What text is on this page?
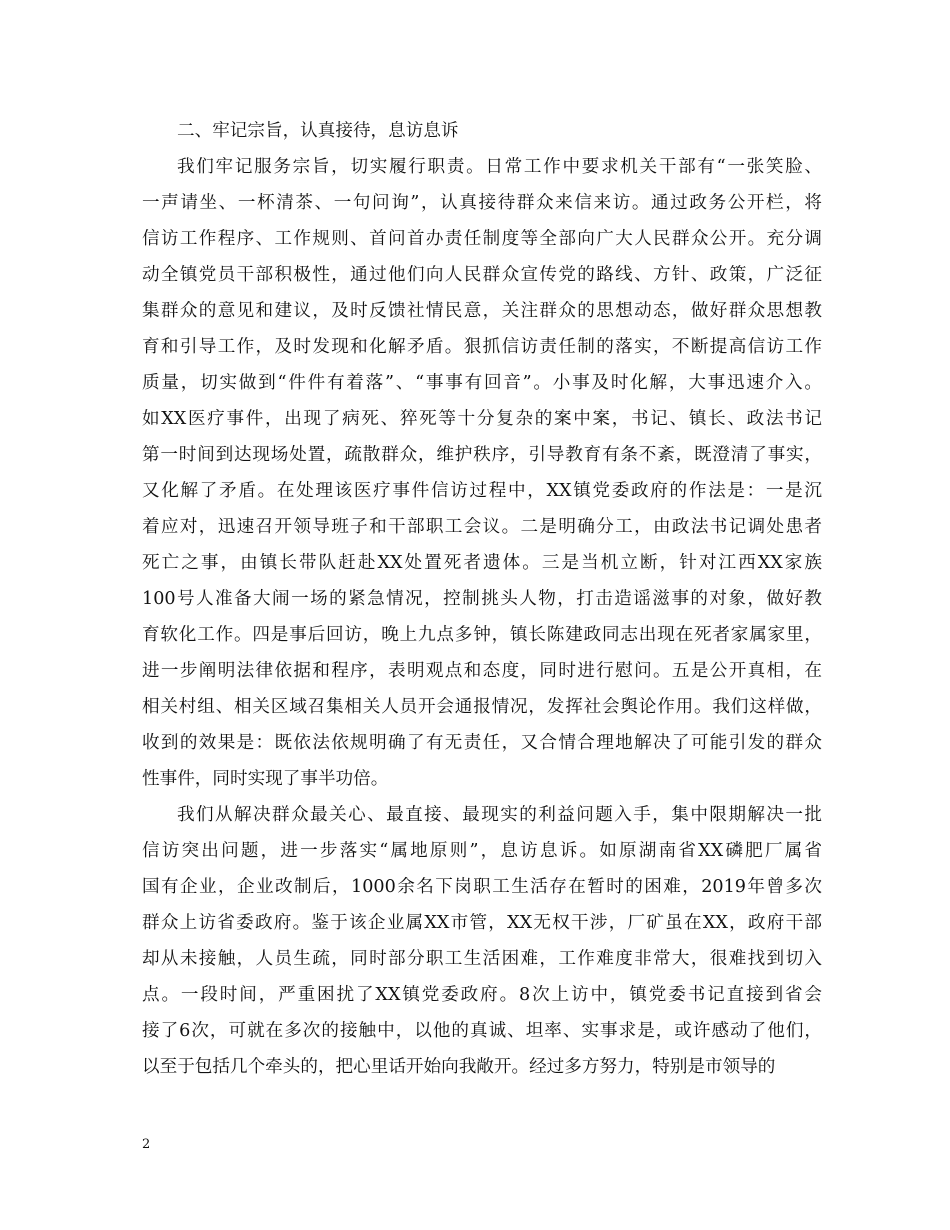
二、牢记宗旨，认真接待，息访息诉
我们牢记服务宗旨，切实履行职责。日常工作中要求机关干部有“一张笑脸、
一声请坐、一杯清茶、一句问询”，认真接待群众来信来访。通过政务公开栏，将
信访工作程序、工作规则、首问首办责任制度等全部向广大人民群众公开。充分调
动全镇党员干部积极性，通过他们向人民群众宣传党的路线、方针、政策，广泛征
集群众的意见和建议，及时反馈社情民意，关注群众的思想动态，做好群众思想教
育和引导工作，及时发现和化解矛盾。狠抓信访责任制的落实，不断提高信访工作
质量，切实做到“件件有着落”、“事事有回音”。小事及时化解，大事迅速介入。
如XX医疗事件，出现了病死、猝死等十分复杂的案中案，书记、镇长、政法书记
第一时间到达现场处置，疏散群众，维护秩序，引导教育有条不紊，既澄清了事实，
又化解了矛盾。在处理该医疗事件信访过程中，XX镇党委政府的作法是：一是沉
着应对，迅速召开领导班子和干部职工会议。二是明确分工，由政法书记调处患者
死亡之事，由镇长带队赶赴XX处置死者遗体。三是当机立断，针对江西XX家族
100号人准备大闹一场的紧急情况，控制挑头人物，打击造谣滋事的对象，做好教
育软化工作。四是事后回访，晚上九点多钟，镇长陈建政同志出现在死者家属家里，
进一步阐明法律依据和程序，表明观点和态度，同时进行慰问。五是公开真相，在
相关村组、相关区域召集相关人员开会通报情况，发挥社会舆论作用。我们这样做，
收到的效果是：既依法依规明确了有无责任，又合情合理地解决了可能引发的群众
性事件，同时实现了事半功倍。
我们从解决群众最关心、最直接、最现实的利益问题入手，集中限期解决一批
信访突出问题，进一步落实“属地原则”，息访息诉。如原湖南省XX磷肥厂属省
国有企业，企业改制后，1000余名下岗职工生活存在暂时的困难，2019年曾多次
群众上访省委政府。鉴于该企业属XX市管，XX无权干涉，厂矿虽在XX，政府干部
却从未接触，人员生疏，同时部分职工生活困难，工作难度非常大，很难找到切入
点。一段时间，严重困扰了XX镇党委政府。8次上访中，镇党委书记直接到省会
接了6次，可就在多次的接触中，以他的真诚、坦率、实事求是，或许感动了他们，
以至于包括几个牵头的，把心里话开始向我敞开。经过多方努力，特别是市领导的
2
